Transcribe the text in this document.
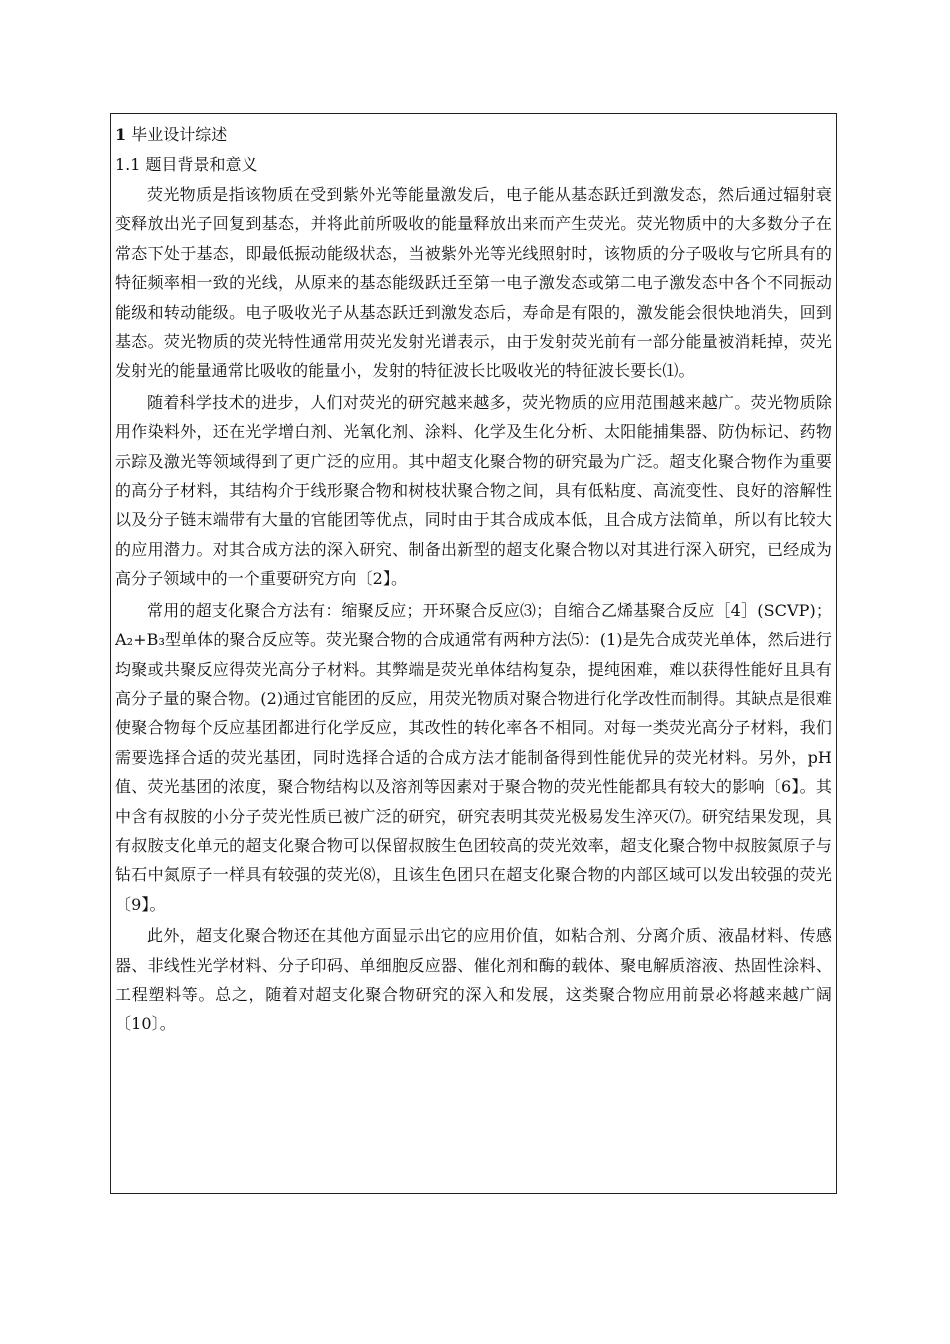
1 毕业设计综述

1.1 题目背景和意义

荧光物质是指该物质在受到紫外光等能量激发后，电子能从基态跃迁到激发态，然后通过辐射衰变释放出光子回复到基态，并将此前所吸收的能量释放出来而产生荧光。荧光物质中的大多数分子在常态下处于基态，即最低振动能级状态，当被紫外光等光线照射时，该物质的分子吸收与它所具有的特征频率相一致的光线，从原来的基态能级跃迁至第一电子激发态或第二电子激发态中各个不同振动能级和转动能级。电子吸收光子从基态跃迁到激发态后，寿命是有限的，激发能会很快地消失，回到基态。荧光物质的荧光特性通常用荧光发射光谱表示，由于发射荧光前有一部分能量被消耗掉，荧光发射光的能量通常比吸收的能量小，发射的特征波长比吸收光的特征波长要长⑴。

随着科学技术的进步，人们对荧光的研究越来越多，荧光物质的应用范围越来越广。荧光物质除用作染料外，还在光学增白剂、光氧化剂、涂料、化学及生化分析、太阳能捕集器、防伪标记、药物示踪及激光等领域得到了更广泛的应用。其中超支化聚合物的研究最为广泛。超支化聚合物作为重要的高分子材料，其结构介于线形聚合物和树枝状聚合物之间，具有低粘度、高流变性、良好的溶解性以及分子链末端带有大量的官能团等优点，同时由于其合成成本低，且合成方法简单，所以有比较大的应用潜力。对其合成方法的深入研究、制备出新型的超支化聚合物以对其进行深入研究，已经成为高分子领域中的一个重要研究方向〔2】。

常用的超支化聚合方法有：缩聚反应；开环聚合反应⑶；自缩合乙烯基聚合反应［4］(SCVP)；A₂+B₃型单体的聚合反应等。荧光聚合物的合成通常有两种方法⑸：(1)是先合成荧光单体，然后进行均聚或共聚反应得荧光高分子材料。其弊端是荧光单体结构复杂，提纯困难，难以获得性能好且具有高分子量的聚合物。(2)通过官能团的反应，用荧光物质对聚合物进行化学改性而制得。其缺点是很难使聚合物每个反应基团都进行化学反应，其改性的转化率各不相同。对每一类荧光高分子材料，我们需要选择合适的荧光基团，同时选择合适的合成方法才能制备得到性能优异的荧光材料。另外，pH值、荧光基团的浓度，聚合物结构以及溶剂等因素对于聚合物的荧光性能都具有较大的影响〔6】。其中含有叔胺的小分子荧光性质已被广泛的研究，研究表明其荧光极易发生淬灭⑺。研究结果发现，具有叔胺支化单元的超支化聚合物可以保留叔胺生色团较高的荧光效率，超支化聚合物中叔胺氮原子与钻石中氮原子一样具有较强的荧光⑻，且该生色团只在超支化聚合物的内部区域可以发出较强的荧光〔9】。

此外，超支化聚合物还在其他方面显示出它的应用价值，如粘合剂、分离介质、液晶材料、传感器、非线性光学材料、分子印码、单细胞反应器、催化剂和酶的载体、聚电解质溶液、热固性涂料、工程塑料等。总之，随着对超支化聚合物研究的深入和发展，这类聚合物应用前景必将越来越广阔〔10〕。
